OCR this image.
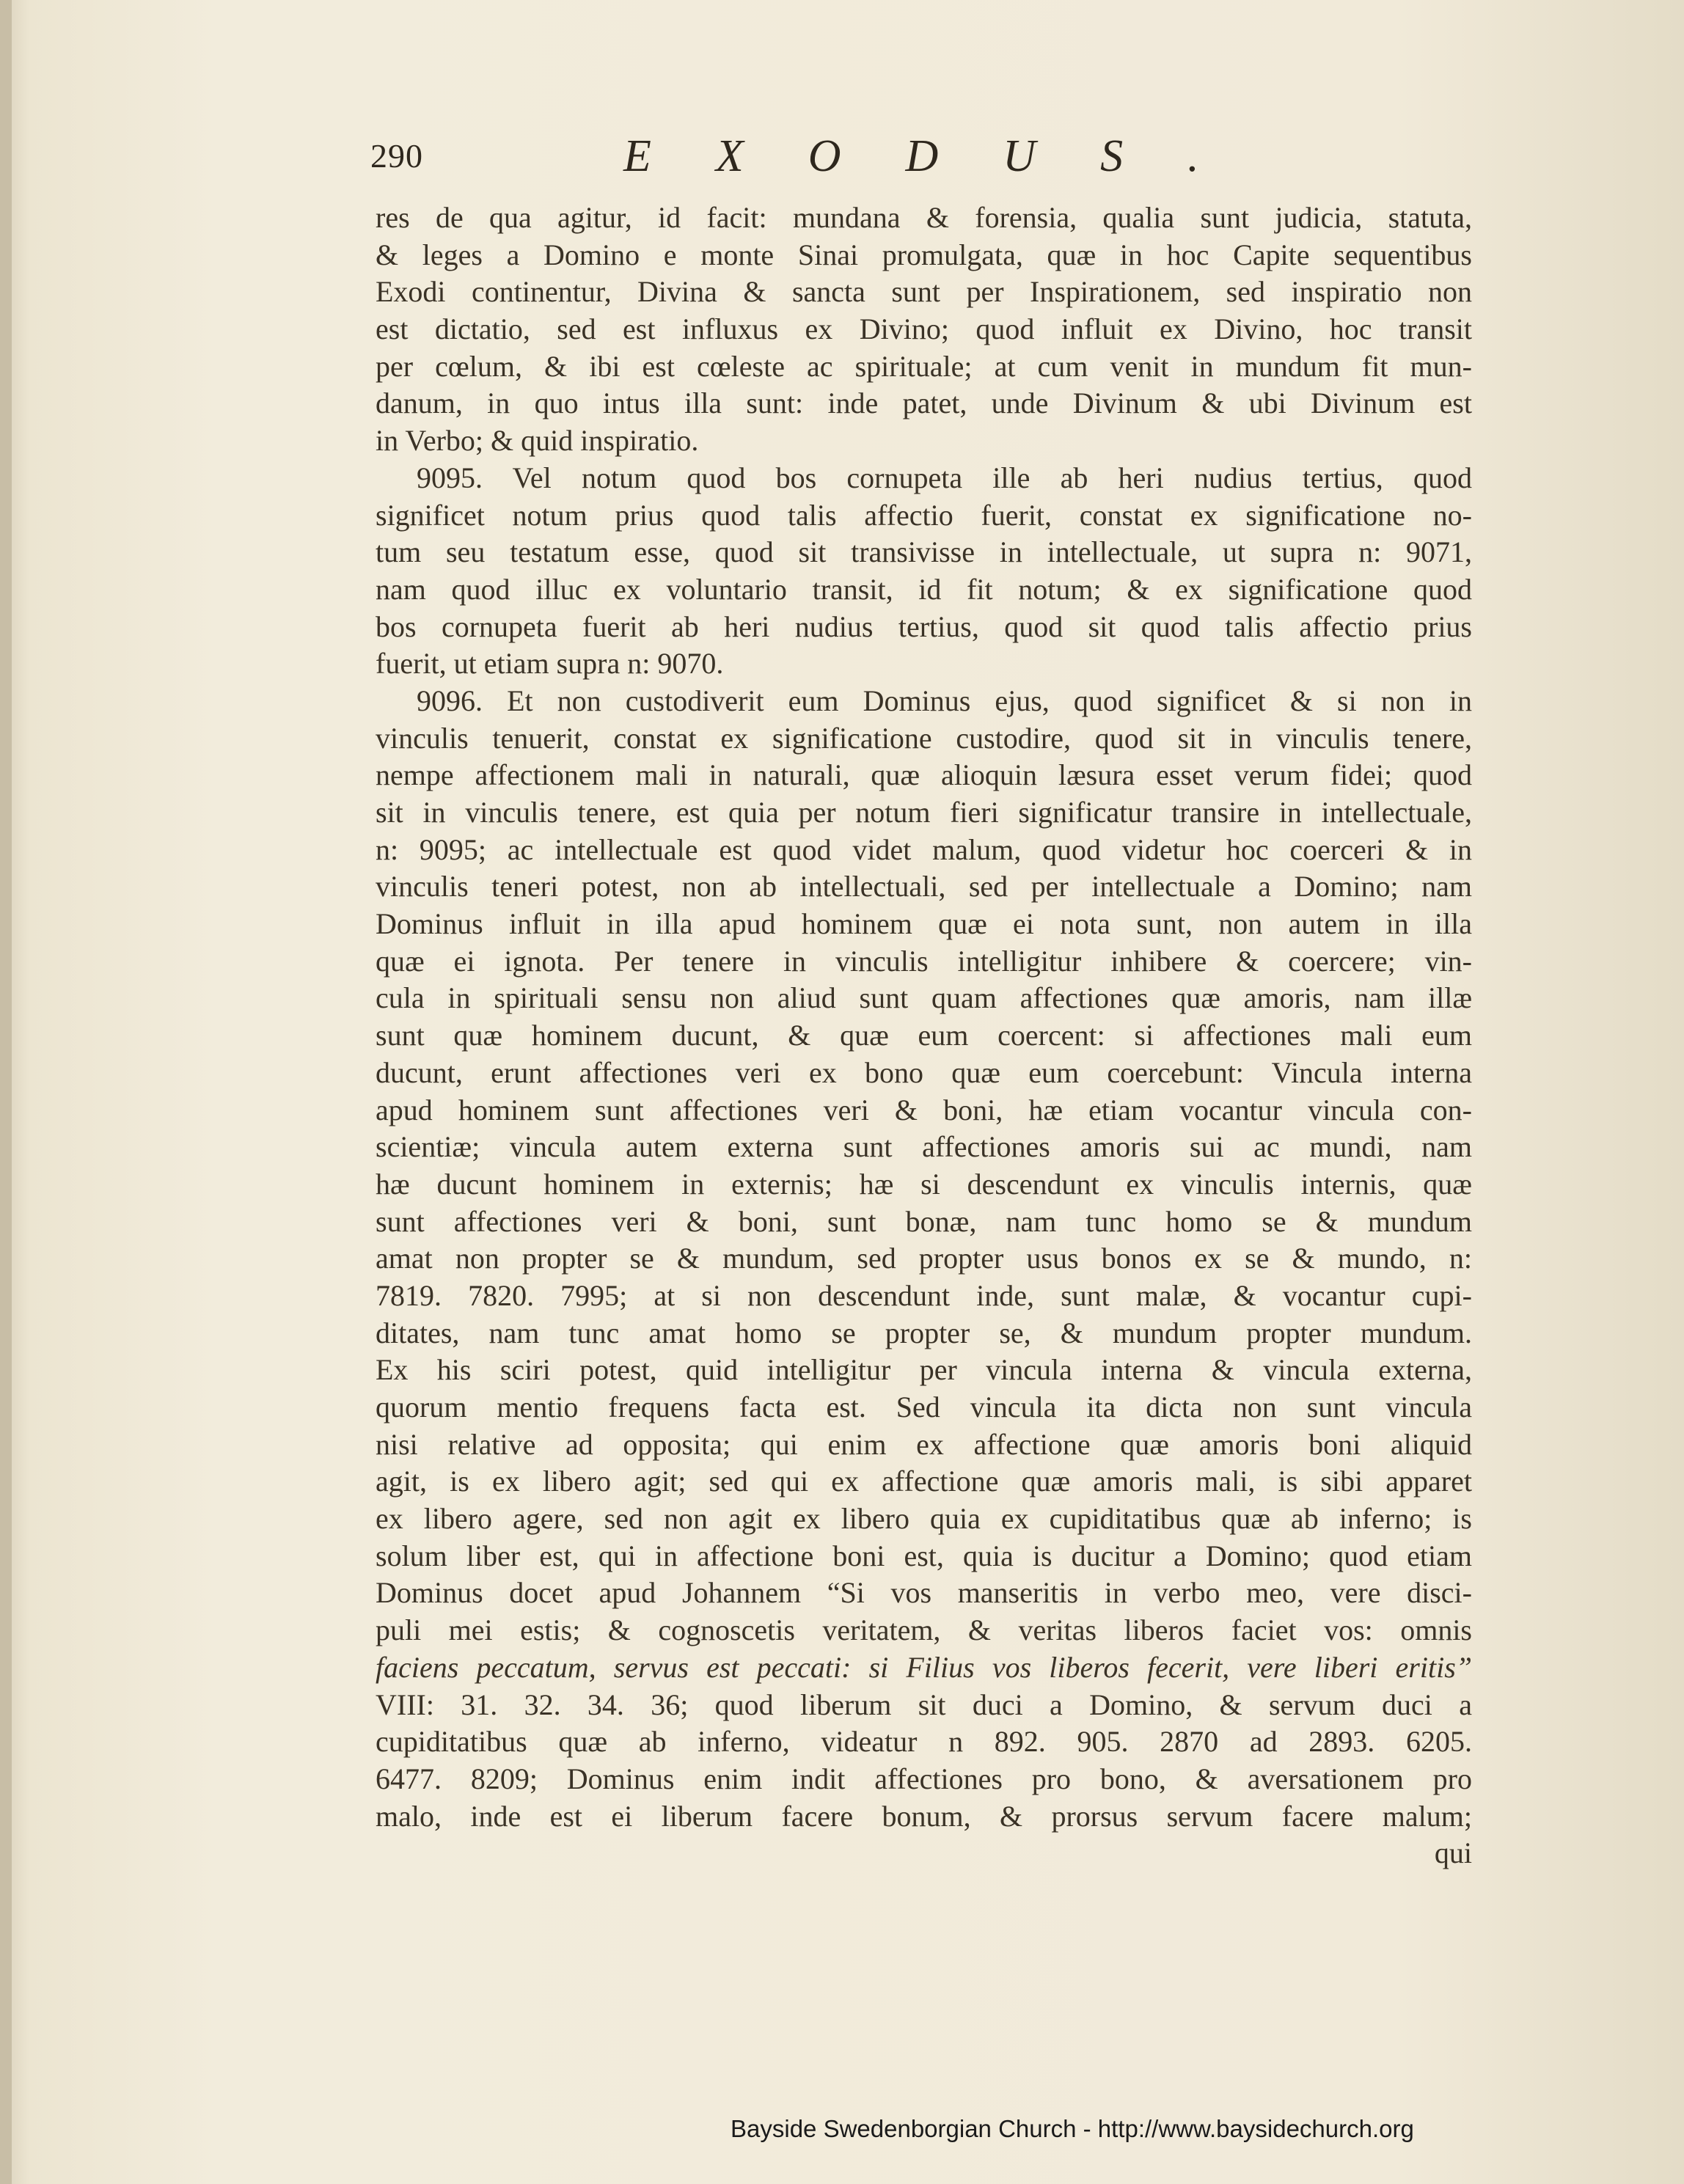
290	EXODUS.
res de qua agitur, id facit: mundana & forensia, qualia sunt judicia, statuta,
& leges a Domino e monte Sinai promulgata, quæ in hoc Capite sequentibus
Exodi continentur, Divina & sancta sunt per Inspirationem, sed inspiratio non
est dictatio, sed est influxus ex Divino; quod influit ex Divino, hoc transit
per cœlum, & ibi est cœleste ac spirituale; at cum venit in mundum fit mun-
danum, in quo intus illa sunt: inde patet, unde Divinum & ubi Divinum est
in Verbo; & quid inspiratio.
9095. Vel notum quod bos cornupeta ille ab heri nudius tertius, quod
significet notum prius quod talis affectio fuerit, constat ex significatione no-
tum seu testatum esse, quod sit transivisse in intellectuale, ut supra n: 9071,
nam quod illuc ex voluntario transit, id fit notum; & ex significatione quod
bos cornupeta fuerit ab heri nudius tertius, quod sit quod talis affectio prius
fuerit, ut etiam supra n: 9070.
9096. Et non custodiverit eum Dominus ejus, quod significet & si non in
vinculis tenuerit, constat ex significatione custodire, quod sit in vinculis tenere,
nempe affectionem mali in naturali, quæ alioquin læsura esset verum fidei; quod
sit in vinculis tenere, est quia per notum fieri significatur transire in intellectuale,
n: 9095; ac intellectuale est quod videt malum, quod videtur hoc coerceri & in
vinculis teneri potest, non ab intellectuali, sed per intellectuale a Domino; nam
Dominus influit in illa apud hominem quæ ei nota sunt, non autem in illa
quæ ei ignota. Per tenere in vinculis intelligitur inhibere & coercere; vin-
cula in spirituali sensu non aliud sunt quam affectiones quæ amoris, nam illæ
sunt quæ hominem ducunt, & quæ eum coercent: si affectiones mali eum
ducunt, erunt affectiones veri ex bono quæ eum coercebunt: Vincula interna
apud hominem sunt affectiones veri & boni, hæ etiam vocantur vincula con-
scientiæ; vincula autem externa sunt affectiones amoris sui ac mundi, nam
hæ ducunt hominem in externis; hæ si descendunt ex vinculis internis, quæ
sunt affectiones veri & boni, sunt bonæ, nam tunc homo se & mundum
amat non propter se & mundum, sed propter usus bonos ex se & mundo, n:
7819. 7820. 7995; at si non descendunt inde, sunt malæ, & vocantur cupi-
ditates, nam tunc amat homo se propter se, & mundum propter mundum.
Ex his sciri potest, quid intelligitur per vincula interna & vincula externa,
quorum mentio frequens facta est. Sed vincula ita dicta non sunt vincula
nisi relative ad opposita; qui enim ex affectione quæ amoris boni aliquid
agit, is ex libero agit; sed qui ex affectione quæ amoris mali, is sibi apparet
ex libero agere, sed non agit ex libero quia ex cupiditatibus quæ ab inferno; is
solum liber est, qui in affectione boni est, quia is ducitur a Domino; quod etiam
Dominus docet apud Johannem “Si vos manseritis in verbo meo, vere disci-
puli mei estis; & cognoscetis veritatem, & veritas liberos faciet vos: omnis
faciens peccatum, servus est peccati: si Filius vos liberos fecerit, vere liberi eritis”
VIII: 31. 32. 34. 36; quod liberum sit duci a Domino, & servum duci a
cupiditatibus quæ ab inferno, videatur n 892. 905. 2870 ad 2893. 6205.
6477. 8209; Dominus enim indit affectiones pro bono, & aversationem pro
malo, inde est ei liberum facere bonum, & prorsus servum facere malum;
qui
Bayside Swedenborgian Church - http://www.baysidechurch.org
